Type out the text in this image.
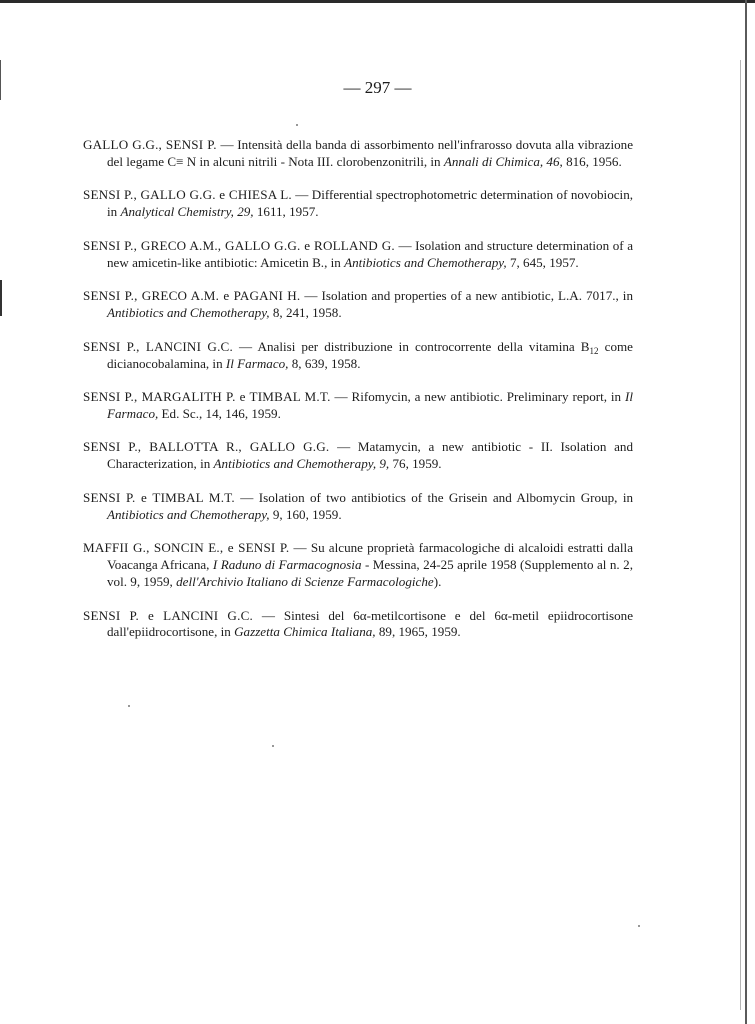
— 297 —

GALLO G.G., SENSI P. — Intensità della banda di assorbimento nell'infrarosso dovuta alla vibrazione del legame C≡ N in alcuni nitrili - Nota III. clorobenzonitrili, in Annali di Chimica, 46, 816, 1956.

SENSI P., GALLO G.G. e CHIESA L. — Differential spectrophotometric determination of novobiocin, in Analytical Chemistry, 29, 1611, 1957.

SENSI P., GRECO A.M., GALLO G.G. e ROLLAND G. — Isolation and structure determination of a new amicetin-like antibiotic: Amicetin B., in Antibiotics and Chemotherapy, 7, 645, 1957.

SENSI P., GRECO A.M. e PAGANI H. — Isolation and properties of a new antibiotic, L.A. 7017., in Antibiotics and Chemotherapy, 8, 241, 1958.

SENSI P., LANCINI G.C. — Analisi per distribuzione in controcorrente della vitamina $B_{12}$ come dicianocobalamina, in Il Farmaco, 8, 639, 1958.

SENSI P., MARGALITH P. e TIMBAL M.T. — Rifomycin, a new antibiotic. Preliminary report, in Il Farmaco, Ed. Sc., 14, 146, 1959.

SENSI P., BALLOTTA R., GALLO G.G. — Matamycin, a new antibiotic - II. Isolation and Characterization, in Antibiotics and Chemotherapy, 9, 76, 1959.

SENSI P. e TIMBAL M.T. — Isolation of two antibiotics of the Grisein and Albomycin Group, in Antibiotics and Chemotherapy, 9, 160, 1959.

MAFFII G., SONCIN E., e SENSI P. — Su alcune proprietà farmacologiche di alcaloidi estratti dalla Voacanga Africana, I Raduno di Farmacognosia - Messina, 24-25 aprile 1958 (Supplemento al n. 2, vol. 9, 1959, dell'Archivio Italiano di Scienze Farmacologiche).

SENSI P. e LANCINI G.C. — Sintesi del 6α-metilcortisone e del 6α-metil epiidrocortisone dall'epiidrocortisone, in Gazzetta Chimica Italiana, 89, 1965, 1959.
